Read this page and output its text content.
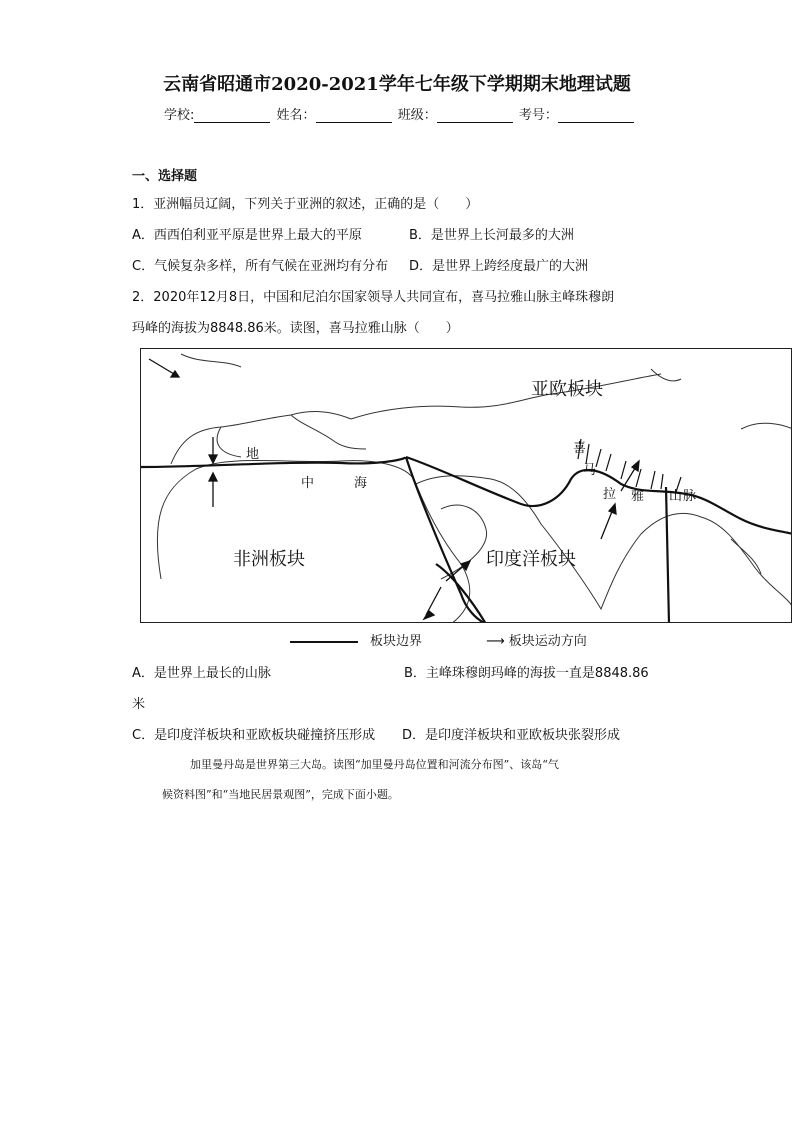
云南省昭通市2020-2021学年七年级下学期期末地理试题
学校:	姓名：	班级：	考号：
一、选择题
1．亚洲幅员辽阔，下列关于亚洲的叙述，正确的是（　　）
A．西西伯利亚平原是世界上最大的平原	B．是世界上长河最多的大洲
C．气候复杂多样，所有气候在亚洲均有分布 D．是世界上跨经度最广的大洲
2．2020年12月8日，中国和尼泊尔国家领导人共同宣布，喜马拉雅山脉主峰珠穆朗
玛峰的海拔为8848.86米。读图，喜马拉雅山脉（　　）
亚欧板块
非洲板块	印度洋板块
地
中	海
喜
马
拉 雅 山 脉
板块边界	⟶ 板块运动方向
A．是世界上最长的山脉	B．主峰珠穆朗玛峰的海拔一直是8848.86
米
C．是印度洋板块和亚欧板块碰撞挤压形成 D．是印度洋板块和亚欧板块张裂形成
加里曼丹岛是世界第三大岛。读图“加里曼丹岛位置和河流分布图”、该岛“气
候资料图”和“当地民居景观图”，完成下面小题。
